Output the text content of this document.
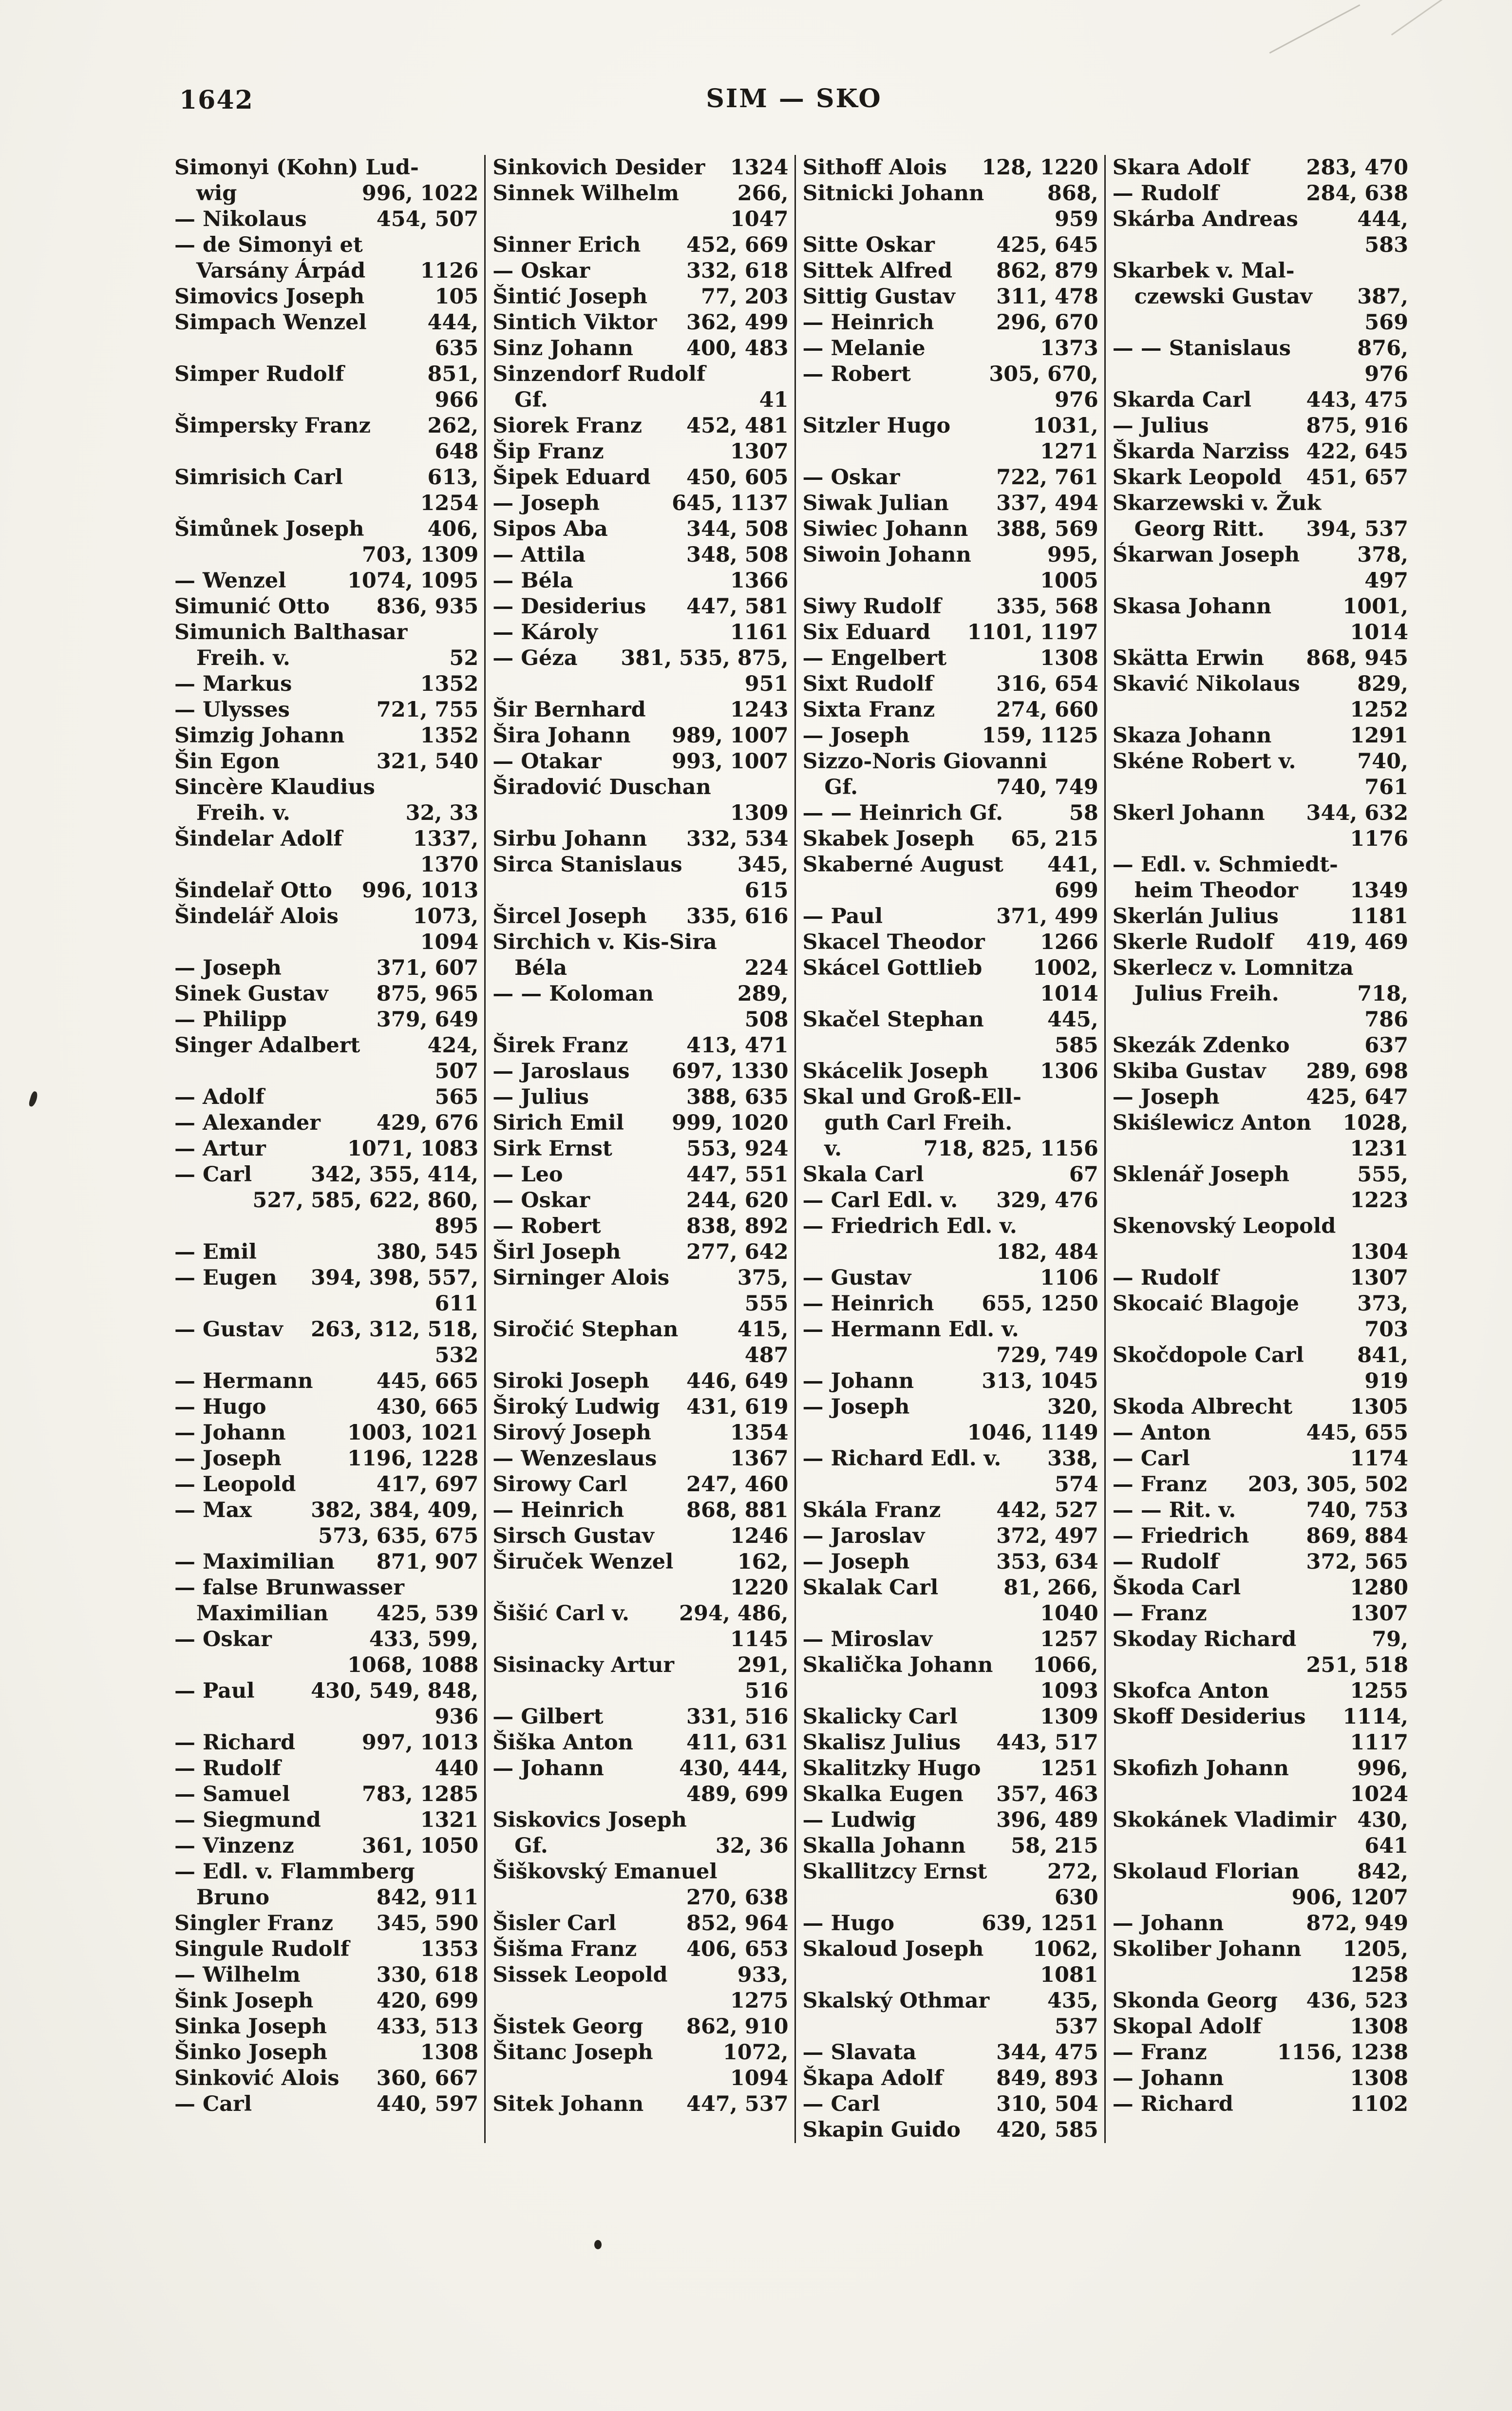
1642	SIM — SKO
Simonyi (Kohn) Lud-
wig	996, 1022
— Nikolaus	454, 507
— de Simonyi et
Varsány Árpád	1126
Simovics Joseph	105
Simpach Wenzel	444,
635
Simper Rudolf	851,
966
Šimpersky Franz	262,
648
Simrisich Carl	613,
1254
Šimůnek Joseph	406,
703, 1309
— Wenzel	1074, 1095
Simunić Otto 836, 935
Simunich Balthasar
Freih. v.	52
— Markus	1352
— Ulysses	721, 755
Simzig Johann	1352
Šin Egon	321, 540
Sincère Klaudius
Freih. v.	32, 33
Šindelar Adolf	1337,
1370
Šindelař Otto 996, 1013
Šindelář Alois	1073,
1094
— Joseph	371, 607
Sinek Gustav 875, 965
— Philipp	379, 649
Singer Adalbert	424,
507
— Adolf	565
— Alexander	429, 676
— Artur	1071, 1083
— Carl	342, 355, 414,
527, 585, 622, 860,
895
— Emil	380, 545
— Eugen 394, 398, 557,
611
— Gustav 263, 312, 518,
532
— Hermann	445, 665
— Hugo	430, 665
— Johann	1003, 1021
— Joseph	1196, 1228
— Leopold	417, 697
— Max	382, 384, 409,
573, 635, 675
— Maximilian 871, 907
— false Brunwasser
Maximilian 425, 539
— Oskar	433, 599,
1068, 1088
— Paul	430, 549, 848,
936
— Richard	997, 1013
— Rudolf	440
— Samuel	783, 1285
— Siegmund	1321
— Vinzenz	361, 1050
— Edl. v. Flammberg
Bruno	842, 911
Singler Franz 345, 590
Singule Rudolf	1353
— Wilhelm	330, 618
Šink Joseph	420, 699
Sinka Joseph 433, 513
Šinko Joseph	1308
Sinković Alois 360, 667
— Carl	440, 597
Sinkovich Desider 1324
Sinnek Wilhelm	266,
1047
Sinner Erich 452, 669
— Oskar	332, 618
Šintić Joseph	77, 203
Sintich Viktor 362, 499
Sinz Johann	400, 483
Sinzendorf Rudolf
Gf.	41
Siorek Franz 452, 481
Šip Franz	1307
Šipek Eduard 450, 605
— Joseph	645, 1137
Sipos Aba	344, 508
— Attila	348, 508
— Béla	1366
— Desiderius 447, 581
— Károly	1161
— Géza 381, 535, 875,
951
Šir Bernhard	1243
Šira Johann 989, 1007
— Otakar	993, 1007
Širadović Duschan
1309
Sirbu Johann 332, 534
Sirca Stanislaus	345,
615
Šircel Joseph 335, 616
Sirchich v. Kis-Sira
Béla	224
— — Koloman	289,
508
Širek Franz	413, 471
— Jaroslaus 697, 1330
— Julius	388, 635
Sirich Emil 999, 1020
Sirk Ernst	553, 924
— Leo	447, 551
— Oskar	244, 620
— Robert	838, 892
Širl Joseph	277, 642
Sirninger Alois	375,
555
Siročić Stephan	415,
487
Siroki Joseph 446, 649
Široký Ludwig 431, 619
Sirový Joseph	1354
— Wenzeslaus	1367
Sirowy Carl	247, 460
— Heinrich	868, 881
Sirsch Gustav	1246
Širuček Wenzel	162,
1220
Šišić Carl v. 294, 486,
1145
Sisinacky Artur	291,
516
— Gilbert	331, 516
Šiška Anton	411, 631
— Johann	430, 444,
489, 699
Siskovics Joseph
Gf.	32, 36
Šiškovský Emanuel
270, 638
Šisler Carl	852, 964
Šišma Franz 406, 653
Sissek Leopold	933,
1275
Šistek Georg 862, 910
Šitanc Joseph	1072,
1094
Sitek Johann 447, 537
Sithoff Alois 128, 1220
Sitnicki Johann	868,
959
Sitte Oskar	425, 645
Sittek Alfred 862, 879
Sittig Gustav 311, 478
— Heinrich	296, 670
— Melanie	1373
— Robert	305, 670,
976
Sitzler Hugo	1031,
1271
— Oskar	722, 761
Siwak Julian 337, 494
Siwiec Johann 388, 569
Siwoin Johann	995,
1005
Siwy Rudolf	335, 568
Six Eduard 1101, 1197
— Engelbert	1308
Sixt Rudolf	316, 654
Sixta Franz	274, 660
— Joseph	159, 1125
Sizzo-Noris Giovanni
Gf.	740, 749
— — Heinrich Gf.	58
Skabek Joseph 65, 215
Skaberné August 441,
699
— Paul	371, 499
Skacel Theodor	1266
Skácel Gottlieb 1002,
1014
Skačel Stephan	445,
585
Skácelik Joseph 1306
Skal und Groß-Ell-
guth Carl Freih.
v.	718, 825, 1156
Skala Carl	67
— Carl Edl. v. 329, 476
— Friedrich Edl. v.
182, 484
— Gustav	1106
— Heinrich 655, 1250
— Hermann Edl. v.
729, 749
— Johann	313, 1045
— Joseph	320,
1046, 1149
— Richard Edl. v. 338,
574
Skála Franz	442, 527
— Jaroslav	372, 497
— Joseph	353, 634
Skalak Carl	81, 266,
1040
— Miroslav	1257
Skalička Johann 1066,
1093
Skalicky Carl	1309
Skalisz Julius 443, 517
Skalitzky Hugo	1251
Skalka Eugen 357, 463
— Ludwig	396, 489
Skalla Johann 58, 215
Skallitzcy Ernst	272,
630
— Hugo	639, 1251
Skaloud Joseph 1062,
1081
Skalský Othmar	435,
537
— Slavata	344, 475
Škapa Adolf	849, 893
— Carl	310, 504
Skapin Guido 420, 585
Skara Adolf	283, 470
— Rudolf	284, 638
Skárba Andreas	444,
583
Skarbek v. Mal-
czewski Gustav 387,
569
— — Stanislaus	876,
976
Skarda Carl	443, 475
— Julius	875, 916
Škarda Narziss 422, 645
Skark Leopold 451, 657
Skarzewski v. Žuk
Georg Ritt. 394, 537
Śkarwan Joseph	378,
497
Skasa Johann	1001,
1014
Skätta Erwin 868, 945
Skavić Nikolaus	829,
1252
Skaza Johann	1291
Skéne Robert v.	740,
761
Skerl Johann 344, 632
1176
— Edl. v. Schmiedt-
heim Theodor 1349
Skerlán Julius	1181
Skerle Rudolf 419, 469
Skerlecz v. Lomnitza
Julius Freih.	718,
786
Skezák Zdenko	637
Skiba Gustav 289, 698
— Joseph	425, 647
Skiślewicz Anton 1028,
1231
Sklenář Joseph	555,
1223
Skenovský Leopold
1304
— Rudolf	1307
Skocaić Blagoje	373,
703
Skočdopole Carl	841,
919
Skoda Albrecht	1305
— Anton	445, 655
— Carl	1174
— Franz 203, 305, 502
— — Rit. v.	740, 753
— Friedrich	869, 884
— Rudolf	372, 565
Škoda Carl	1280
— Franz	1307
Skoday Richard	79,
251, 518
Skofca Anton	1255
Skoff Desiderius 1114,
1117
Skofizh Johann	996,
1024
Skokánek Vladimir 430,
641
Skolaud Florian	842,
906, 1207
— Johann	872, 949
Skoliber Johann 1205,
1258
Skonda Georg 436, 523
Skopal Adolf	1308
— Franz	1156, 1238
— Johann	1308
— Richard	1102
